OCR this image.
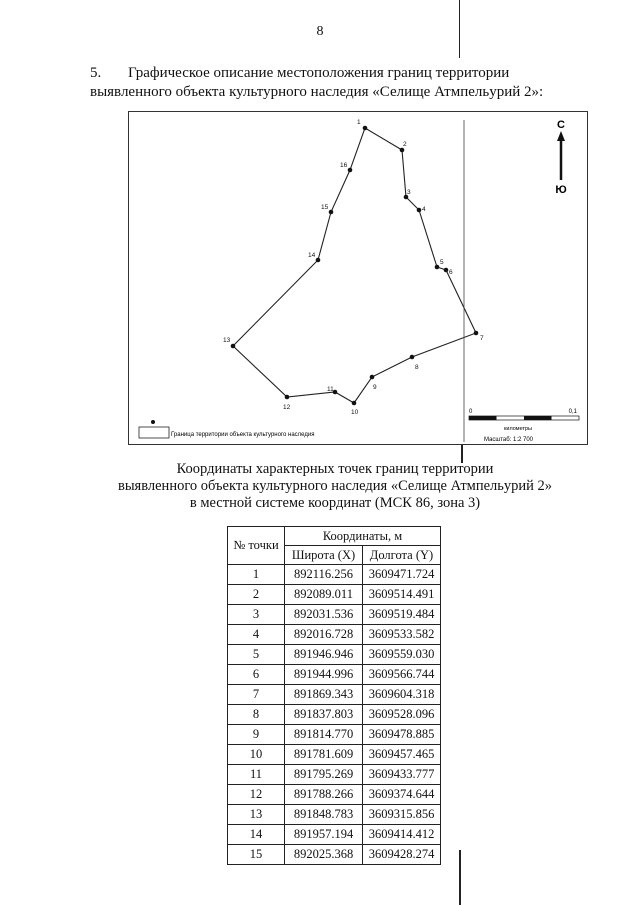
8
5. Графическое описание местоположения границ территории
выявленного объекта культурного наследия «Селище Атмпельурий 2»:
1
2
3
4
5
6
7
8
9
10
11
12
13
14
15
16
С
Ю
Граница территории объекта культурного наследия
0	0,1
километры
Масштаб: 1:2 700
Координаты характерных точек границ территории
выявленного объекта культурного наследия «Селище Атмпельурий 2»
в местной системе координат (МСК 86, зона 3)
№ точки	Координаты, м	
	Широта (X)	Долгота (Y)
1	892116.256	3609471.724
2	892089.011	3609514.491
3	892031.536	3609519.484
4	892016.728	3609533.582
5	891946.946	3609559.030
6	891944.996	3609566.744
7	891869.343	3609604.318
8	891837.803	3609528.096
9	891814.770	3609478.885
10	891781.609	3609457.465
11	891795.269	3609433.777
12	891788.266	3609374.644
13	891848.783	3609315.856
14	891957.194	3609414.412
15	892025.368	3609428.274
